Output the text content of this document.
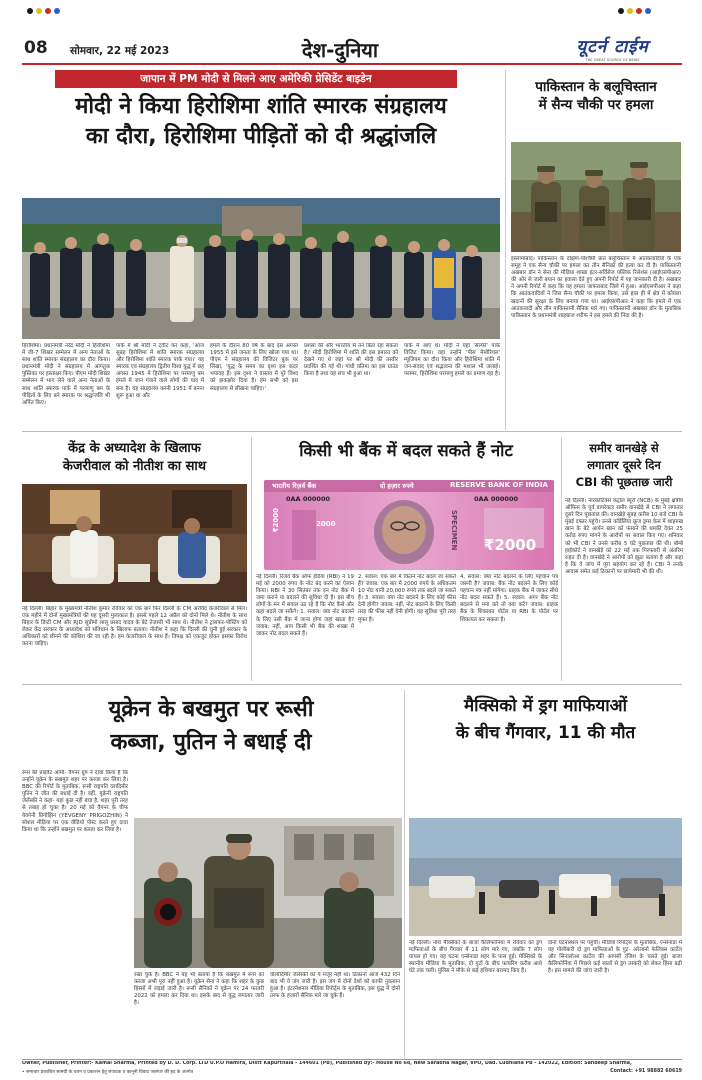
08 सोमवार, 22 मई 2023	देश-दुनिया	यूटर्न टाईम
THE GREAT SOURCE OF NEWS
जापान में PM मोदी से मिलने आए अमेरिकी प्रेसिडेंट बाइडेन
मोदी ने किया हिरोशिमा शांति स्मारक संग्रहालय
का दौरा, हिरोशिमा पीड़ितों को दी श्रद्धांजलि
हिरोशिमा। प्रधानमंत्री नरेंद्र मोदी ने हिरोशिमा में जी-7 शिखर सम्मेलन में अन्य नेताओं के साथ शांति स्मारक संग्रहालय का दौरा किया। प्रधानमंत्री मोदी ने संग्रहालय में आगंतुक पुस्तिका पर हस्ताक्षर किए। पीएम मोदी शिखर सम्मेलन में भाग लेने वाले अन्य नेताओं के साथ शांति स्मारक पार्क में परमाणु बम के पीड़ितों के लिए बने स्मारक पर श्रद्धांजलि भी अर्पित किए।
पार्क में श्री मोदी ने ट्वीट कर कहा, 'आज सुबह हिरोशिमा में शांति स्मारक संग्रहालय और हिरोशिमा शांति स्मारक पार्क गया।' यह स्मारक एवं संग्रहालय द्वितीय विश्व युद्ध में छह अगस्त 1945 में हिरोशिमा पर परमाणु बम हमले में जान गंवाने वाले लोगों की याद में बना है। यह संग्रहालय करनी 1951 में बनना शुरू हुआ था और
हमले के दौरान 80 वर्ष के बाद इस अगस्त 1955 में इसे जनता के लिए खोला गया था। पीएम ने संग्रहालय की विजिटर बुक पर लिखा, 'युद्ध के समय का दृश्य इस कदर भयावह है। इस दृश्य ने वास्तव में पूरे विश्व को झकझोर दिया है। हम सभी को इस संग्रहालय से सीखना चाहिए।'
प्रशंसा की और भारतीय से तन बिता रहा सकता है।' मोदी हिरोशिमा में शांति की इस इमारत को देखने गए थे जहां पर श्री मोदी की तस्वीर प्रदर्शित की गई थी। गांधी प्रतिमा का इस ग्राउंड किया है तथा यह सच भी हुआ था।
पार्क में आए थे। मोदी ने यहां 'सेल्फी' पार्क विजिट किया। वहां उन्होंने 'पीस मेमोरियल' म्यूजियम का दौरा किया और हिरोशिमा शांति में जन-संवाद एवं सद्भावना की मशाल भी जलाई। परस्पर, हिरोशिमा परमाणु हमले का प्रमाण रहा है।
पाकिस्तान के बलूचिस्तान
में सैन्य चौकी पर हमला
इस्लामाबाद। पाकिस्तान के दक्षिण-पश्चिमी प्रांत बलूचिस्तान में आतंकवादियों के एक समूह ने एक सैन्य चौकी पर हमला कर तीन सैनिकों की हत्या कर दी है। पाकिस्तानी अखबार डॉन ने सेना की मीडिया शाखा इंटर-सर्विसेज पब्लिक रिलेशंस (आईएसपीआर) की ओर से जारी बयान का हवाला देते हुए अपनी रिपोर्ट में यह जानकारी दी है। अखबार ने अपनी रिपोर्ट में कहा कि यह हमला जाफराबाद जिले में हुआ। आईएसपीआर ने कहा कि आतंकवादियों ने जिस सैन्य चौकी पर हमला किया, उसे हाल ही में क्षेत्र में कोयला खदानों की सुरक्षा के लिए बनाया गया था। आईएसपीआर ने कहा कि हमले में एक आतंकवादी और तीन पाकिस्तानी सैनिक मारे गए। पाकिस्तानी अखबार डॉन के मुताबिक पाकिस्तान के प्रधानमंत्री शाहबाज शरीफ ने इस हमले की निंदा की है।
केंद्र के अध्यादेश के खिलाफ
केजरीवाल को नीतीश का साथ
नई दिल्ली। बिहार के मुख्यमंत्री नीतीश कुमार रविवार को एक बार फिर दिल्ली के CM अरविंद केजरीवाल से मिले। एक महीने में दोनों मुख्यमंत्रियों की यह दूसरी मुलाकात है। इससे पहले 12 अप्रैल को दोनों मिले थे। नीतीश के साथ बिहार के डिप्टी CM और RJD सुप्रीमो लालू प्रसाद यादव के बेटे तेजस्वी भी साथ थे। नीतीश ने ट्रांसफर-पोस्टिंग को लेकर केंद्र सरकार के अध्यादेश को संविधान के खिलाफ बताया। नीतीश ने कहा कि दिल्ली की चुनी हुई सरकार के अधिकारों को छीनने की कोशिश की जा रही है। हम केजरीवाल के साथ हैं। विपक्ष को एकजुट होकर इसका विरोध करना चाहिए।
किसी भी बैंक में बदल सकते हैं नोट
भारतीय रिज़र्व बैंक	दो हज़ार रुपये	RESERVE BANK OF INDIA
0AA 000000	0AA 000000
₹2000	2000	SPECIMEN ₹2000
नई दिल्ली। रिजर्व बैंक ऑफ इंडिया (RBI) ने 19 मई को 2000 रुपए के नोट बंद करने का ऐलान किया। RBI ने 30 सितंबर तक इन नोट बैंक में जमा कराने या बदलने की सुविधा दी है। इस बीच लोगों के मन में सवाल उठ रहे हैं कि नोट कैसे और कहां बदले जा सकेंगे। 1. सवाल: क्या नोट बदलने के लिए उसी बैंक में जाना होगा जहां खाता है? जवाब: नहीं, आप किसी भी बैंक की शाखा में जाकर नोट बदल सकते हैं।
2. सवाल: एक बार में कितने नोट बदले जा सकते हैं? जवाब: एक बार में 2000 रुपये के अधिकतम 10 नोट यानी 20,000 रुपये तक बदले जा सकते हैं। 3. सवाल: क्या नोट बदलने के लिए कोई फीस देनी होगी? जवाब: नहीं, नोट बदलने के लिए किसी तरह की फीस नहीं देनी होगी। यह सुविधा पूरी तरह मुफ्त है।
4. सवाल: क्या नोट बदलने के लिए पहचान पत्र जरूरी है? जवाब: बैंक नोट बदलने के लिए कोई पहचान पत्र नहीं मांगेगा। ग्राहक बैंक में जाकर सीधे नोट बदल सकते हैं। 5. सवाल: अगर बैंक नोट बदलने से मना करे तो क्या करें? जवाब: ग्राहक बैंक के शिकायत पोर्टल या RBI के पोर्टल पर शिकायत कर सकता है।
समीर वानखेड़े से
लगातार दूसरे दिन
CBI की पूछताछ जारी
नई दिल्ली। नारकोटिक्स कंट्रोल ब्यूरो (NCB) के मुंबई क्षेत्रीय ऑफिस के पूर्व डायरेक्टर समीर वानखेड़े से CBI ने लगातार दूसरे दिन पूछताछ की। वानखेड़े सुबह करीब 10 बजे CBI के मुंबई दफ्तर पहुंचे। उनसे कॉर्डेलिया क्रूज ड्रग्स केस में शाहरुख खान के बेटे आर्यन खान को फंसाने की धमकी देकर 25 करोड़ रुपए मांगने के आरोपों पर सवाल किए गए। शनिवार को भी CBI ने उनसे करीब 5 घंटे पूछताछ की थी। बॉम्बे हाईकोर्ट ने वानखेड़े को 22 मई तक गिरफ्तारी से अंतरिम राहत दी है। वानखेड़े ने आरोपों को झूठा बताया है और कहा है कि वे जांच में पूरा सहयोग कर रहे हैं। CBI ने उनके आवास समेत कई ठिकानों पर छापेमारी भी की थी।
यूक्रेन के बखमुत पर रूसी
कब्जा, पुतिन ने बधाई दी
रूस की प्राइवेट आर्मी- वैगनर ग्रुप ने दावा किया है कि उन्होंने यूक्रेन के बखमुत शहर पर कब्जा कर लिया है। BBC की रिपोर्ट के मुताबिक, रूसी राष्ट्रपति व्लादिमीर पुतिन ने जीत की बधाई दी है। वहीं, यूक्रेनी राष्ट्रपति जेलेंस्की ने कहा- यहां कुछ नहीं बचा है, शहर पूरी तरह से तबाह हो चुका है। 20 मई को वैगनर के चीफ येवगेनी प्रिगोझिन (YEVGENY PRIGOZHIN) ने सोशल मीडिया पर एक वीडियो पोस्ट करते हुए दावा किया था कि उन्होंने बखमुत पर कब्जा कर लिया है।
रखा चुके हैं। BBC ने यह भी बताया है कि बखमुत में रूस का कब्जा अभी पूरा नहीं हुआ है। यूक्रेन सेना ने कहा कि शहर के कुछ हिस्सों में लड़ाई जारी है। रूसी सैनिकों ने यूक्रेन पर 24 फरवरी 2022 को हमला कर दिया था। इसके बाद से युद्ध लगातार जारी है।
वोलोदिमीर जेलेंस्की को ये मंजूर नहीं था। ठिकानों आज 432 दिन बाद भी ये जंग जारी है। इस जंग में दोनों देशों को काफी नुकसान हुआ है। इंटरनेशनल मीडिया रिपोर्ट्स के मुताबिक, इस युद्ध में दोनों तरफ के हजारों सैनिक मारे जा चुके हैं।
मैक्सिको में ड्रग माफियाओं
के बीच गैंगवार, 11 की मौत
नई दिल्ली। नॉर्थ मैक्सिको के बाजा कैलिफोर्निया में रविवार को ड्रग माफियाओं के बीच गैंगवार में 11 लोग मारे गए, जबकि 7 लोग घायल हो गए। यह घटना एन्सेनाडा शहर के पास हुई। मेक्सिको के स्थानीय मीडिया के मुताबिक, दो गुटों के बीच फायरिंग करीब आधे घंटे तक चली। पुलिस ने मौके से कई हथियार बरामद किए हैं।
दोनों घटनास्थल पर पहुंचीं। मीडिया रिपोर्ट्स के मुताबिक, एन्सेनाडा में यह गोलीबारी दो ड्रग माफियाओं के गुट- अरेलानो फेलिक्स कार्टेल और सिनालोआ कार्टेल की आपसी रंजिश के चलते हुई। बाजा कैलिफोर्निया में पिछले कई सालों से ड्रग तस्करी को लेकर हिंसा बढ़ी है। इस मामले की जांच जारी है।
Owner, Publisher, Printer:- Kamal Sharma, Printed by D. D. Corp. LTD U.P.O Hamira, Distt Kapurthala - 144601 (PB), Published by:- House No 68, New Sarabha Nagar, VPO, Dad. Ludhiana PB - 142022, Edition: Sandeep Sharma,
• समाचार प्रकाशित सामग्री के चयन व प्रकाशन हेतु संपादक व कानूनी विवाद जालंधर की हद के अंतर्गत	Contact: +91 98882 60619
